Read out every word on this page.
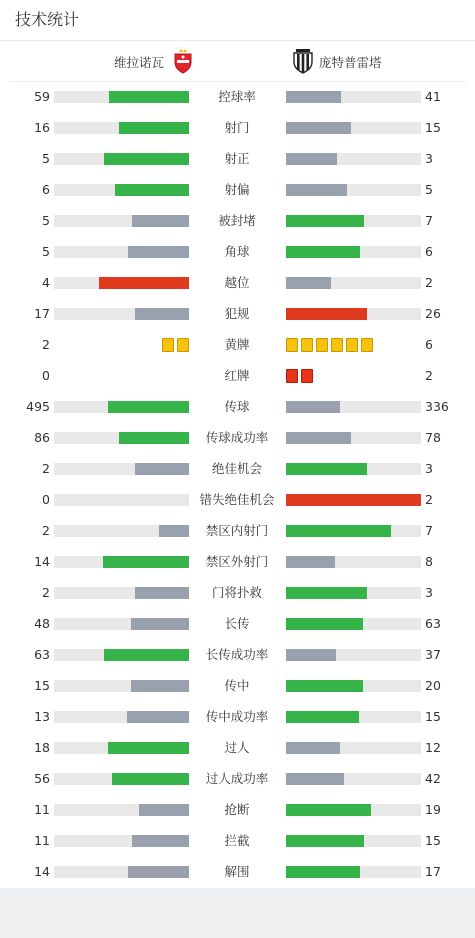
技术统计
维拉诺瓦	庞特普雷塔
59	控球率	41
16	射门	15
5	射正	3
6	射偏	5
5	被封堵	7
5	角球	6
4	越位	2
17	犯规	26
2	黄牌	6
0	红牌	2
495	传球	336
86	传球成功率	78
2	绝佳机会	3
0	错失绝佳机会	2
2	禁区内射门	7
14	禁区外射门	8
2	门将扑救	3
48	长传	63
63	长传成功率	37
15	传中	20
13	传中成功率	15
18	过人	12
56	过人成功率	42
11	抢断	19
11	拦截	15
14	解围	17
